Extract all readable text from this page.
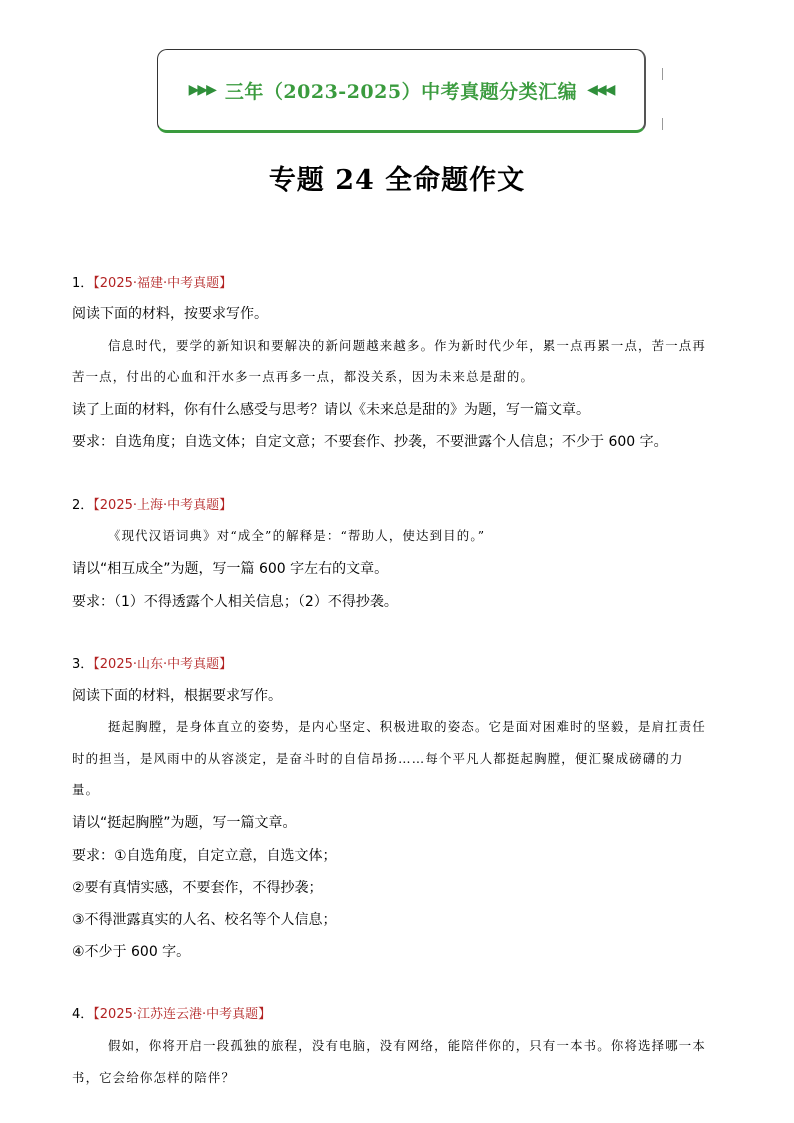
▶▶▶ 三年（2023-2025）中考真题分类汇编 ◀◀◀
专题 24 全命题作文
1．【2025·福建·中考真题】
阅读下面的材料，按要求写作。
信息时代，要学的新知识和要解决的新问题越来越多。作为新时代少年，累一点再累一点，苦一点再
苦一点，付出的心血和汗水多一点再多一点，都没关系，因为未来总是甜的。
读了上面的材料，你有什么感受与思考？请以《未来总是甜的》为题，写一篇文章。
要求：自选角度；自选文体；自定文意；不要套作、抄袭，不要泄露个人信息；不少于 600 字。
2．【2025·上海·中考真题】
《现代汉语词典》对“成全”的解释是：“帮助人，使达到目的。”
请以“相互成全”为题，写一篇 600 字左右的文章。
要求：（1）不得透露个人相关信息；（2）不得抄袭。
3．【2025·山东·中考真题】
阅读下面的材料，根据要求写作。
挺起胸膛，是身体直立的姿势，是内心坚定、积极进取的姿态。它是面对困难时的坚毅，是肩扛责任
时的担当，是风雨中的从容淡定，是奋斗时的自信昂扬……每个平凡人都挺起胸膛，便汇聚成磅礴的力
量。
请以“挺起胸膛”为题，写一篇文章。
要求：①自选角度，自定立意，自选文体；
②要有真情实感，不要套作，不得抄袭；
③不得泄露真实的人名、校名等个人信息；
④不少于 600 字。
4．【2025·江苏连云港·中考真题】
假如，你将开启一段孤独的旅程，没有电脑，没有网络，能陪伴你的，只有一本书。你将选择哪一本
书，它会给你怎样的陪伴？
